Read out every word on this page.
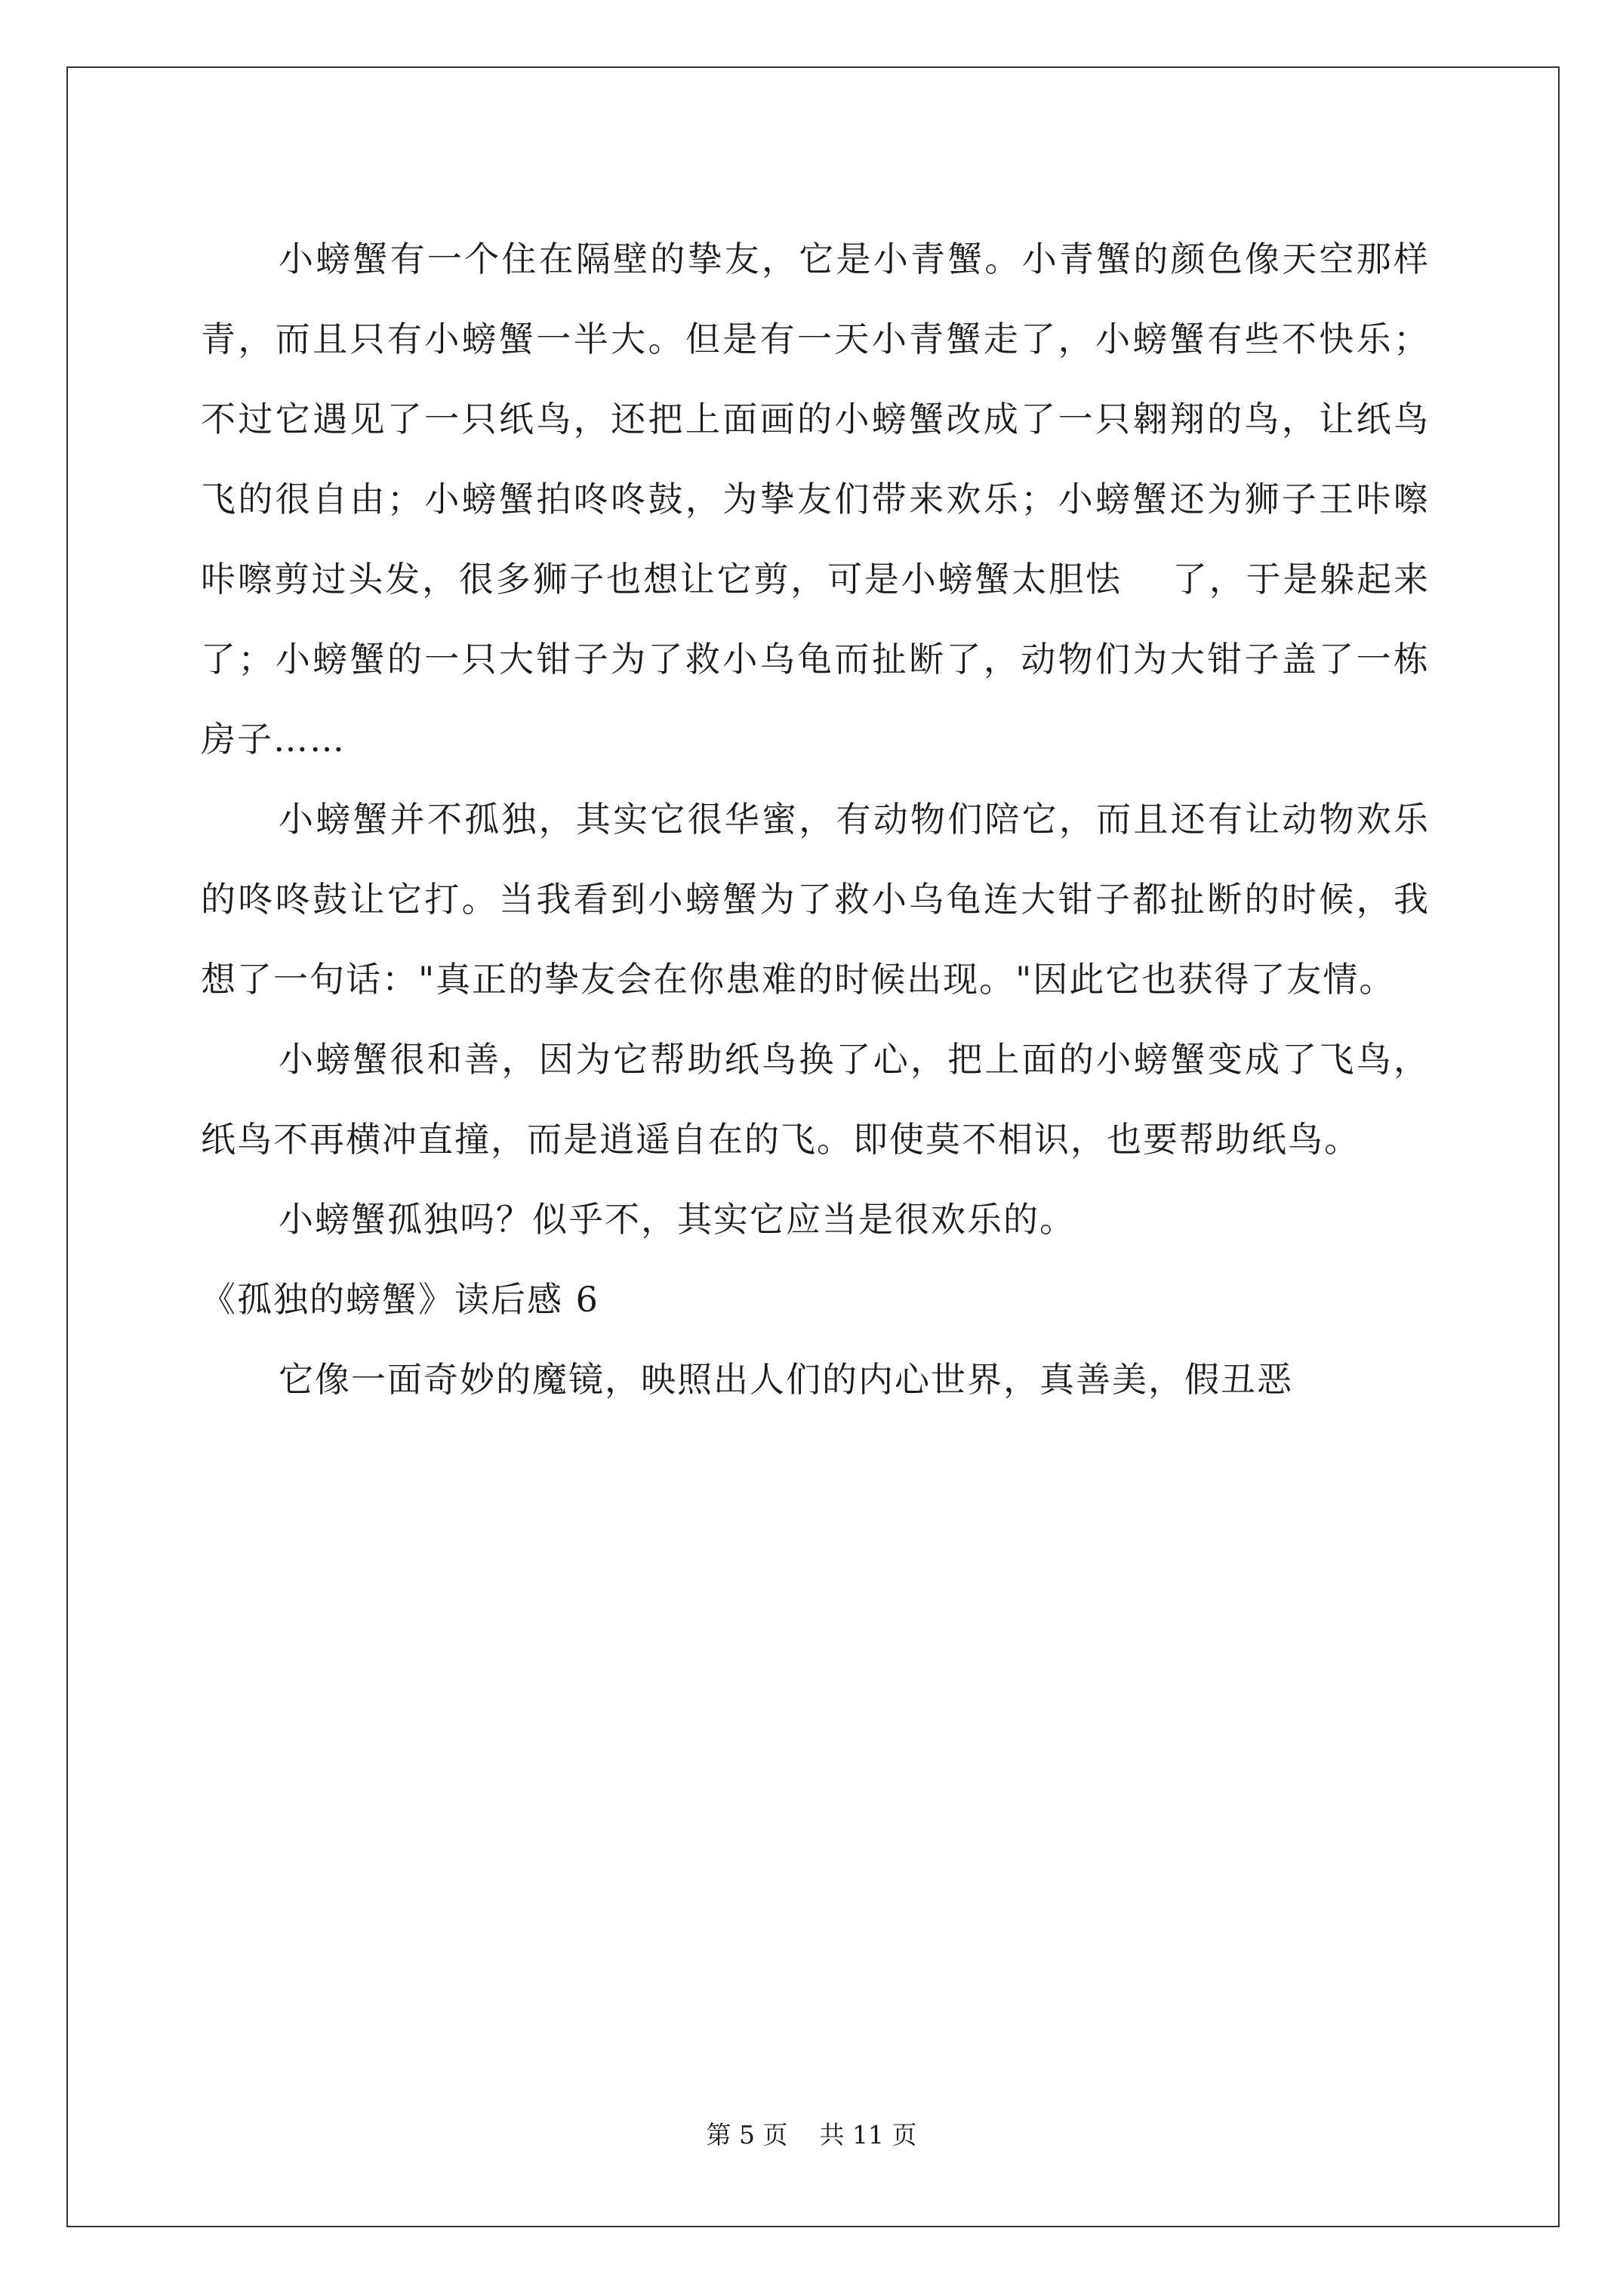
小螃蟹有一个住在隔壁的挚友，它是小青蟹。小青蟹的颜色像天空那样青，而且只有小螃蟹一半大。但是有一天小青蟹走了，小螃蟹有些不快乐；不过它遇见了一只纸鸟，还把上面画的小螃蟹改成了一只翱翔的鸟，让纸鸟飞的很自由；小螃蟹拍咚咚鼓，为挚友们带来欢乐；小螃蟹还为狮子王咔嚓咔嚓剪过头发，很多狮子也想让它剪，可是小螃蟹太胆怯　 了，于是躲起来了；小螃蟹的一只大钳子为了救小乌龟而扯断了，动物们为大钳子盖了一栋房子……

小螃蟹并不孤独，其实它很华蜜，有动物们陪它，而且还有让动物欢乐的咚咚鼓让它打。当我看到小螃蟹为了救小乌龟连大钳子都扯断的时候，我想了一句话："真正的挚友会在你患难的时候出现。"因此它也获得了友情。

小螃蟹很和善，因为它帮助纸鸟换了心，把上面的小螃蟹变成了飞鸟，纸鸟不再横冲直撞，而是逍遥自在的飞。即使莫不相识，也要帮助纸鸟。

小螃蟹孤独吗？似乎不，其实它应当是很欢乐的。

《孤独的螃蟹》读后感 6

它像一面奇妙的魔镜，映照出人们的内心世界，真善美，假丑恶

第 5 页 共 11 页
